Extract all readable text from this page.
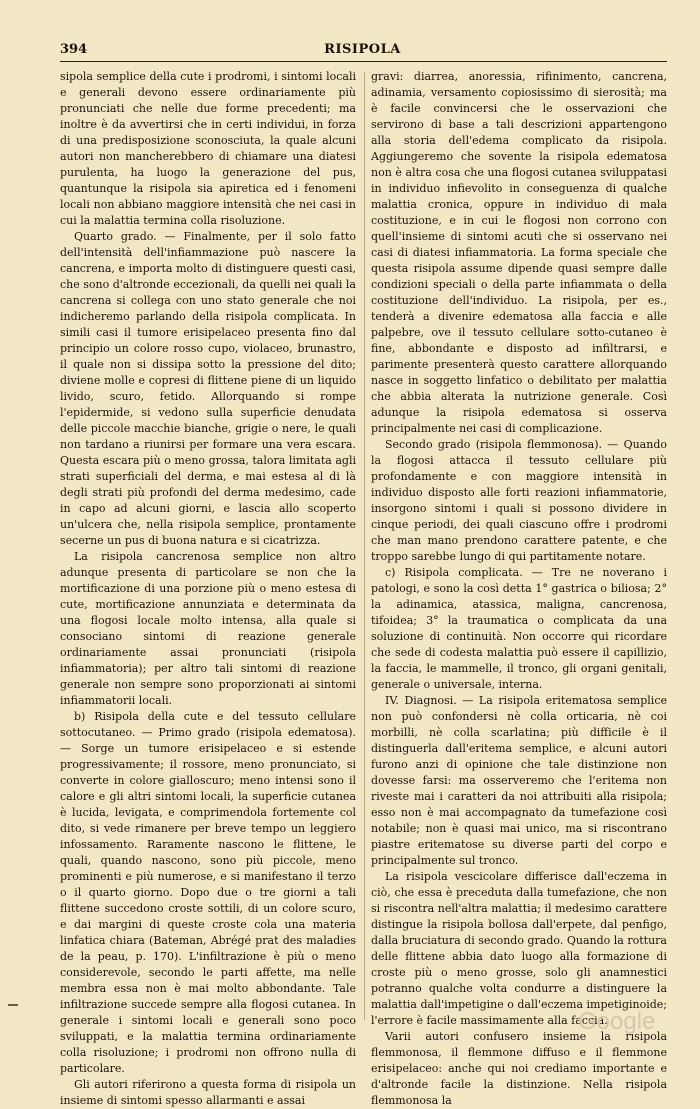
394	RISIPOLA

sipola semplice della cute i prodromi, i sintomi locali e generali devono essere ordinariamente più pronunciati che nelle due forme precedenti; ma inoltre è da avvertirsi che in certi individui, in forza di una predisposizione sconosciuta, la quale alcuni autori non mancherebbero di chiamare una diatesi purulenta, ha luogo la generazione del pus, quantunque la risipola sia apiretica ed i fenomeni locali non abbiano maggiore intensità che nei casi in cui la malattia termina colla risoluzione.

Quarto grado. — Finalmente, per il solo fatto dell'intensità dell'infiammazione può nascere la cancrena, e importa molto di distinguere questi casi, che sono d'altronde eccezionali, da quelli nei quali la cancrena si collega con uno stato generale che noi indicheremo parlando della risipola complicata. In simili casi il tumore erisipelaceo presenta fino dal principio un colore rosso cupo, violaceo, brunastro, il quale non si dissipa sotto la pressione del dito; diviene molle e copresi di flittene piene di un liquido livido, scuro, fetido. Allorquando si rompe l'epidermide, si vedono sulla superficie denudata delle piccole macchie bianche, grigie o nere, le quali non tardano a riunirsi per formare una vera escara. Questa escara più o meno grossa, talora limitata agli strati superficiali del derma, e mai estesa al di là degli strati più profondi del derma medesimo, cade in capo ad alcuni giorni, e lascia allo scoperto un'ulcera che, nella risipola semplice, prontamente secerne un pus di buona natura e si cicatrizza.

La risipola cancrenosa semplice non altro adunque presenta di particolare se non che la mortificazione di una porzione più o meno estesa di cute, mortificazione annunziata e determinata da una flogosi locale molto intensa, alla quale si consociano sintomi di reazione generale ordinariamente assai pronunciati (risipola infiammatoria); per altro tali sintomi di reazione generale non sempre sono proporzionati ai sintomi infiammatorii locali.

b) Risipola della cute e del tessuto cellulare sottocutaneo. — Primo grado (risipola edematosa). — Sorge un tumore erisipelaceo e si estende progressivamente; il rossore, meno pronunciato, si converte in colore gialloscuro; meno intensi sono il calore e gli altri sintomi locali, la superficie cutanea è lucida, levigata, e comprimendola fortemente col dito, si vede rimanere per breve tempo un leggiero infossamento. Raramente nascono le flittene, le quali, quando nascono, sono più piccole, meno prominenti e più numerose, e si manifestano il terzo o il quarto giorno. Dopo due o tre giorni a tali flittene succedono croste sottili, di un colore scuro, e dai margini di queste croste cola una materia linfatica chiara (Bateman, Abrégé prat des maladies de la peau, p. 170). L'infiltrazione è più o meno considerevole, secondo le parti affette, ma nelle membra essa non è mai molto abbondante. Tale infiltrazione succede sempre alla flogosi cutanea. In generale i sintomi locali e generali sono poco sviluppati, e la malattia termina ordinariamente colla risoluzione; i prodromi non offrono nulla di particolare.

Gli autori riferirono a questa forma di risipola un insieme di sintomi spesso allarmanti e assai

gravi: diarrea, anoressia, rifinimento, cancrena, adinamia, versamento copiosissimo di sierosità; ma è facile convincersi che le osservazioni che servirono di base a tali descrizioni appartengono alla storia dell'edema complicato da risipola. Aggiungeremo che sovente la risipola edematosa non è altra cosa che una flogosi cutanea sviluppatasi in individuo infievolito in conseguenza di qualche malattia cronica, oppure in individuo di mala costituzione, e in cui le flogosi non corrono con quell'insieme di sintomi acuti che si osservano nei casi di diatesi infiammatoria. La forma speciale che questa risipola assume dipende quasi sempre dalle condizioni speciali o della parte infiammata o della costituzione dell'individuo. La risipola, per es., tenderà a divenire edematosa alla faccia e alle palpebre, ove il tessuto cellulare sotto-cutaneo è fine, abbondante e disposto ad infiltrarsi, e parimente presenterà questo carattere allorquando nasce in soggetto linfatico o debilitato per malattia che abbia alterata la nutrizione generale. Così adunque la risipola edematosa si osserva principalmente nei casi di complicazione.

Secondo grado (risipola flemmonosa). — Quando la flogosi attacca il tessuto cellulare più profondamente e con maggiore intensità in individuo disposto alle forti reazioni infiammatorie, insorgono sintomi i quali si possono dividere in cinque periodi, dei quali ciascuno offre i prodromi che man mano prendono carattere patente, e che troppo sarebbe lungo di qui partitamente notare.

c) Risipola complicata. — Tre ne noverano i patologi, e sono la così detta 1° gastrica o biliosa; 2° la adinamica, atassica, maligna, cancrenosa, tifoidea; 3° la traumatica o complicata da una soluzione di continuità. Non occorre qui ricordare che sede di codesta malattia può essere il capillizio, la faccia, le mammelle, il tronco, gli organi genitali, generale o universale, interna.

IV. Diagnosi. — La risipola eritematosa semplice non può confondersi nè colla orticaria, nè coi morbilli, nè colla scarlatina; più difficile è il distinguerla dall'eritema semplice, e alcuni autori furono anzi di opinione che tale distinzione non dovesse farsi: ma osserveremo che l'eritema non riveste mai i caratteri da noi attribuiti alla risipola; esso non è mai accompagnato da tumefazione così notabile; non è quasi mai unico, ma si riscontrano piastre eritematose su diverse parti del corpo e principalmente sul tronco.

La risipola vescicolare differisce dall'eczema in ciò, che essa è preceduta dalla tumefazione, che non si riscontra nell'altra malattia; il medesimo carattere distingue la risipola bollosa dall'erpete, dal penfigo, dalla bruciatura di secondo grado. Quando la rottura delle flittene abbia dato luogo alla formazione di croste più o meno grosse, solo gli anamnestici potranno qualche volta condurre a distinguere la malattia dall'impetigine o dall'eczema impetiginoide; l'errore è facile massimamente alla faccia.

Varii autori confusero insieme la risipola flemmonosa, il flemmone diffuso e il flemmone erisipelaceo: anche qui noi crediamo importante e d'altronde facile la distinzione. Nella risipola flemmonosa la

Google
